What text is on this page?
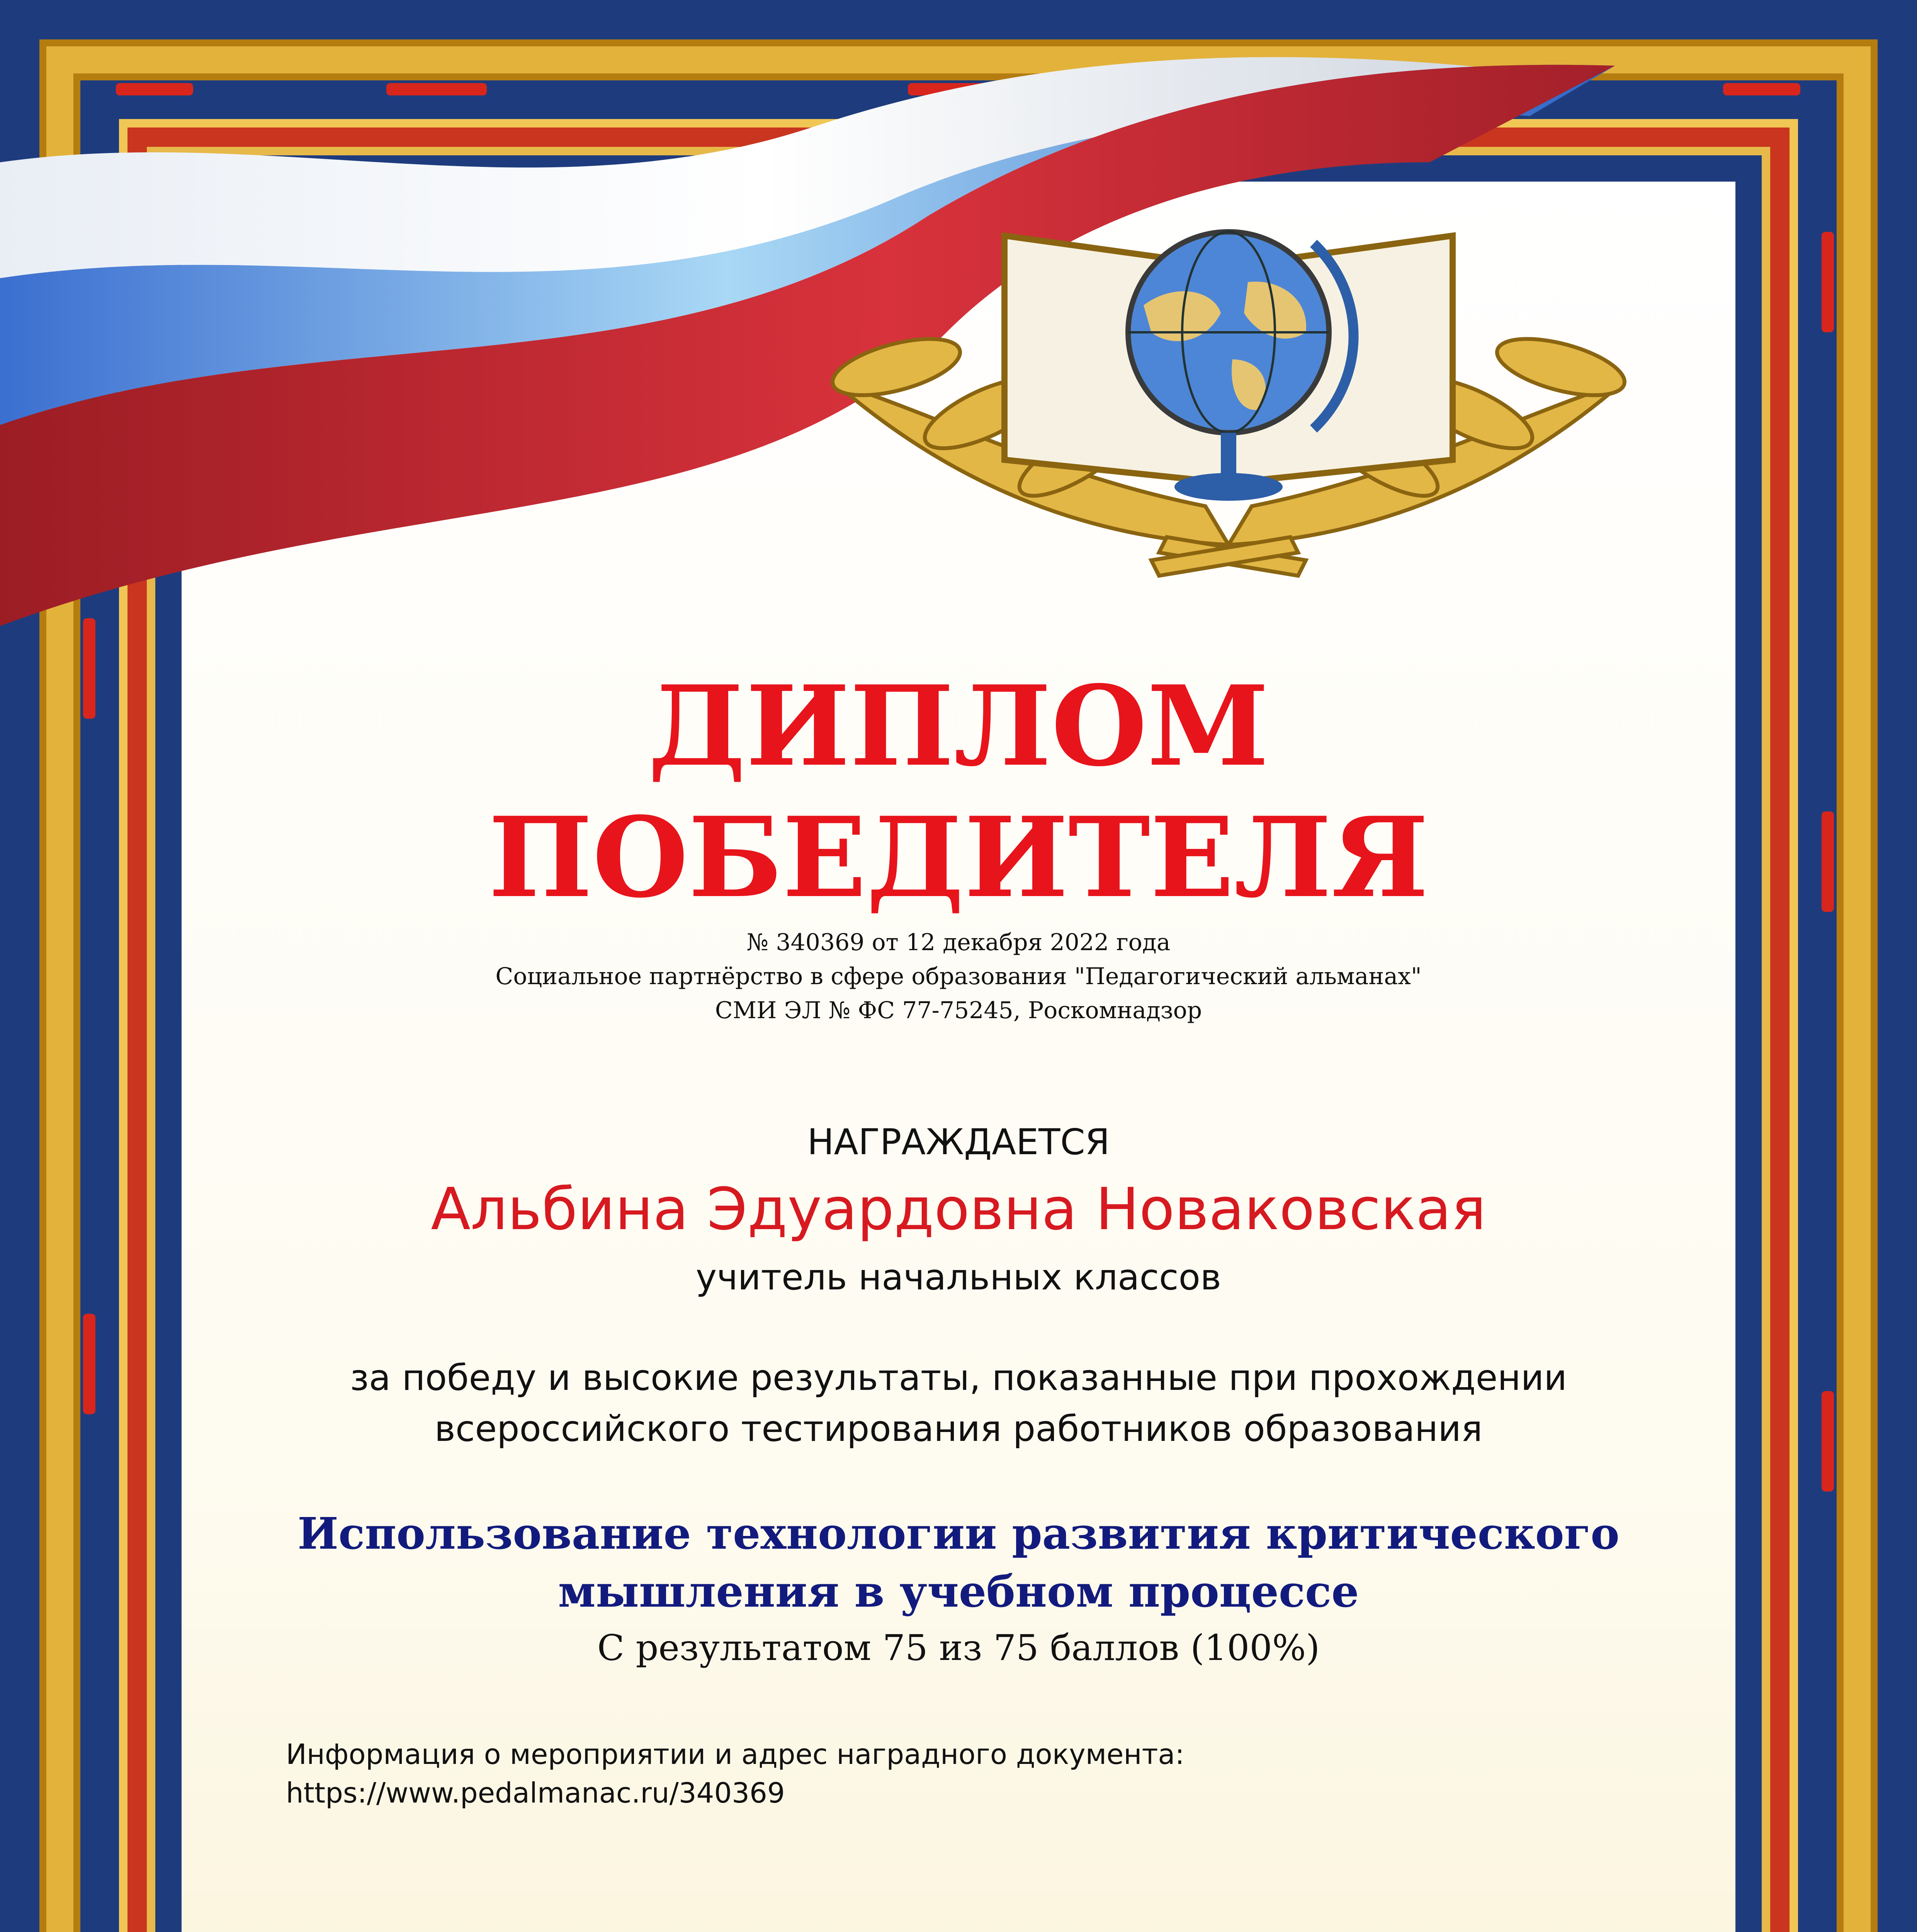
ДИПЛОМ

ПОБЕДИТЕЛЯ

№ 340369 от 12 декабря 2022 года

Социальное партнёрство в сфере образования "Педагогический альманах"

СМИ ЭЛ № ФС 77-75245, Роскомнадзор

НАГРАЖДАЕТСЯ

Альбина Эдуардовна Новаковская

учитель начальных классов

за победу и высокие результаты, показанные при прохождении

всероссийского тестирования работников образования

Использование технологии развития критического

мышления в учебном процессе

С результатом 75 из 75 баллов (100%)

Информация о мероприятии и адрес наградного документа:

https://www.pedalmanac.ru/340369
